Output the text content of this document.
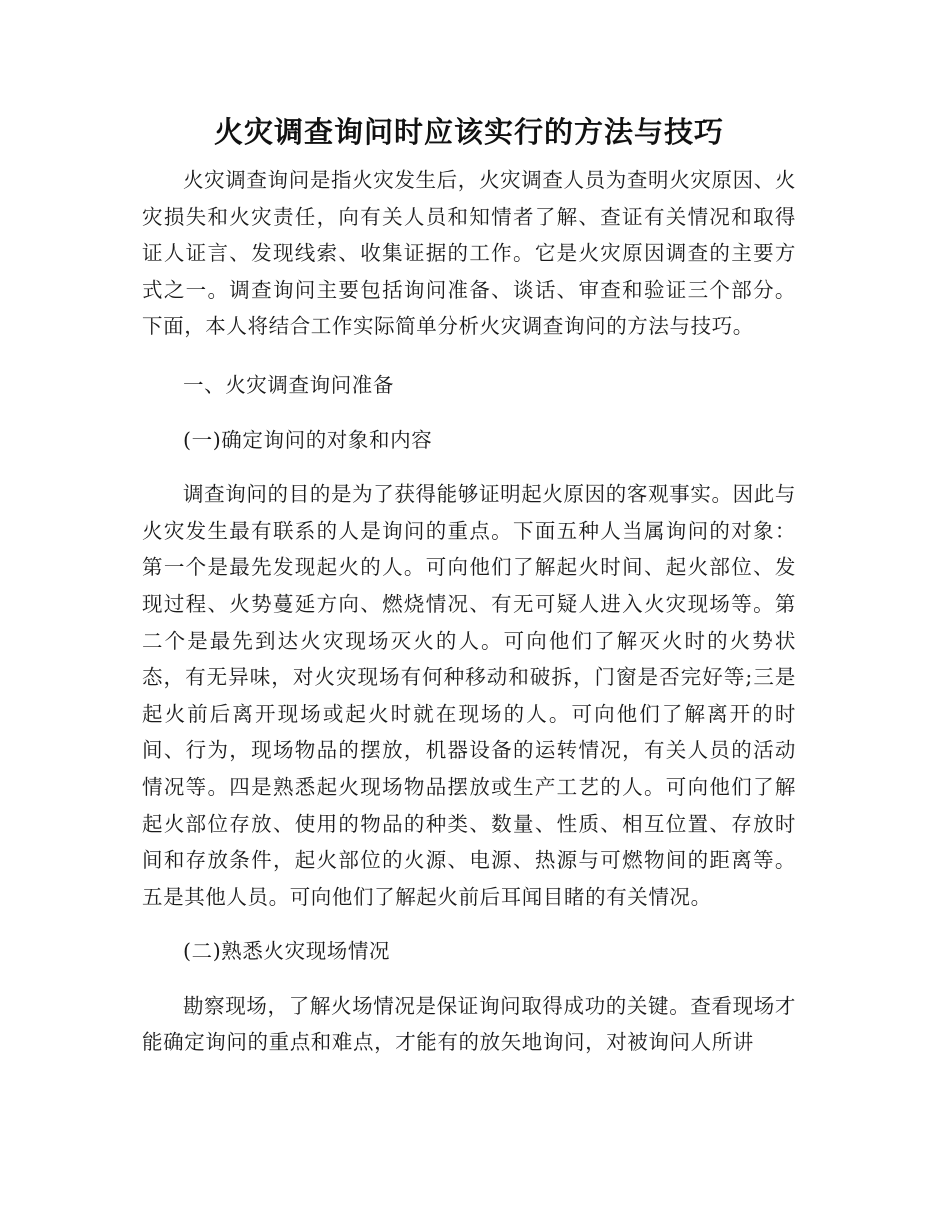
火灾调查询问时应该实行的方法与技巧

火灾调查询问是指火灾发生后，火灾调查人员为查明火灾原因、火灾损失和火灾责任，向有关人员和知情者了解、查证有关情况和取得证人证言、发现线索、收集证据的工作。它是火灾原因调查的主要方式之一。调查询问主要包括询问准备、谈话、审查和验证三个部分。下面，本人将结合工作实际简单分析火灾调查询问的方法与技巧。

一、火灾调查询问准备

(一)确定询问的对象和内容

调查询问的目的是为了获得能够证明起火原因的客观事实。因此与火灾发生最有联系的人是询问的重点。下面五种人当属询问的对象：第一个是最先发现起火的人。可向他们了解起火时间、起火部位、发现过程、火势蔓延方向、燃烧情况、有无可疑人进入火灾现场等。第二个是最先到达火灾现场灭火的人。可向他们了解灭火时的火势状态，有无异味，对火灾现场有何种移动和破拆，门窗是否完好等;三是起火前后离开现场或起火时就在现场的人。可向他们了解离开的时间、行为，现场物品的摆放，机器设备的运转情况，有关人员的活动情况等。四是熟悉起火现场物品摆放或生产工艺的人。可向他们了解起火部位存放、使用的物品的种类、数量、性质、相互位置、存放时间和存放条件，起火部位的火源、电源、热源与可燃物间的距离等。五是其他人员。可向他们了解起火前后耳闻目睹的有关情况。

(二)熟悉火灾现场情况

勘察现场，了解火场情况是保证询问取得成功的关键。查看现场才能确定询问的重点和难点，才能有的放矢地询问，对被询问人所讲
